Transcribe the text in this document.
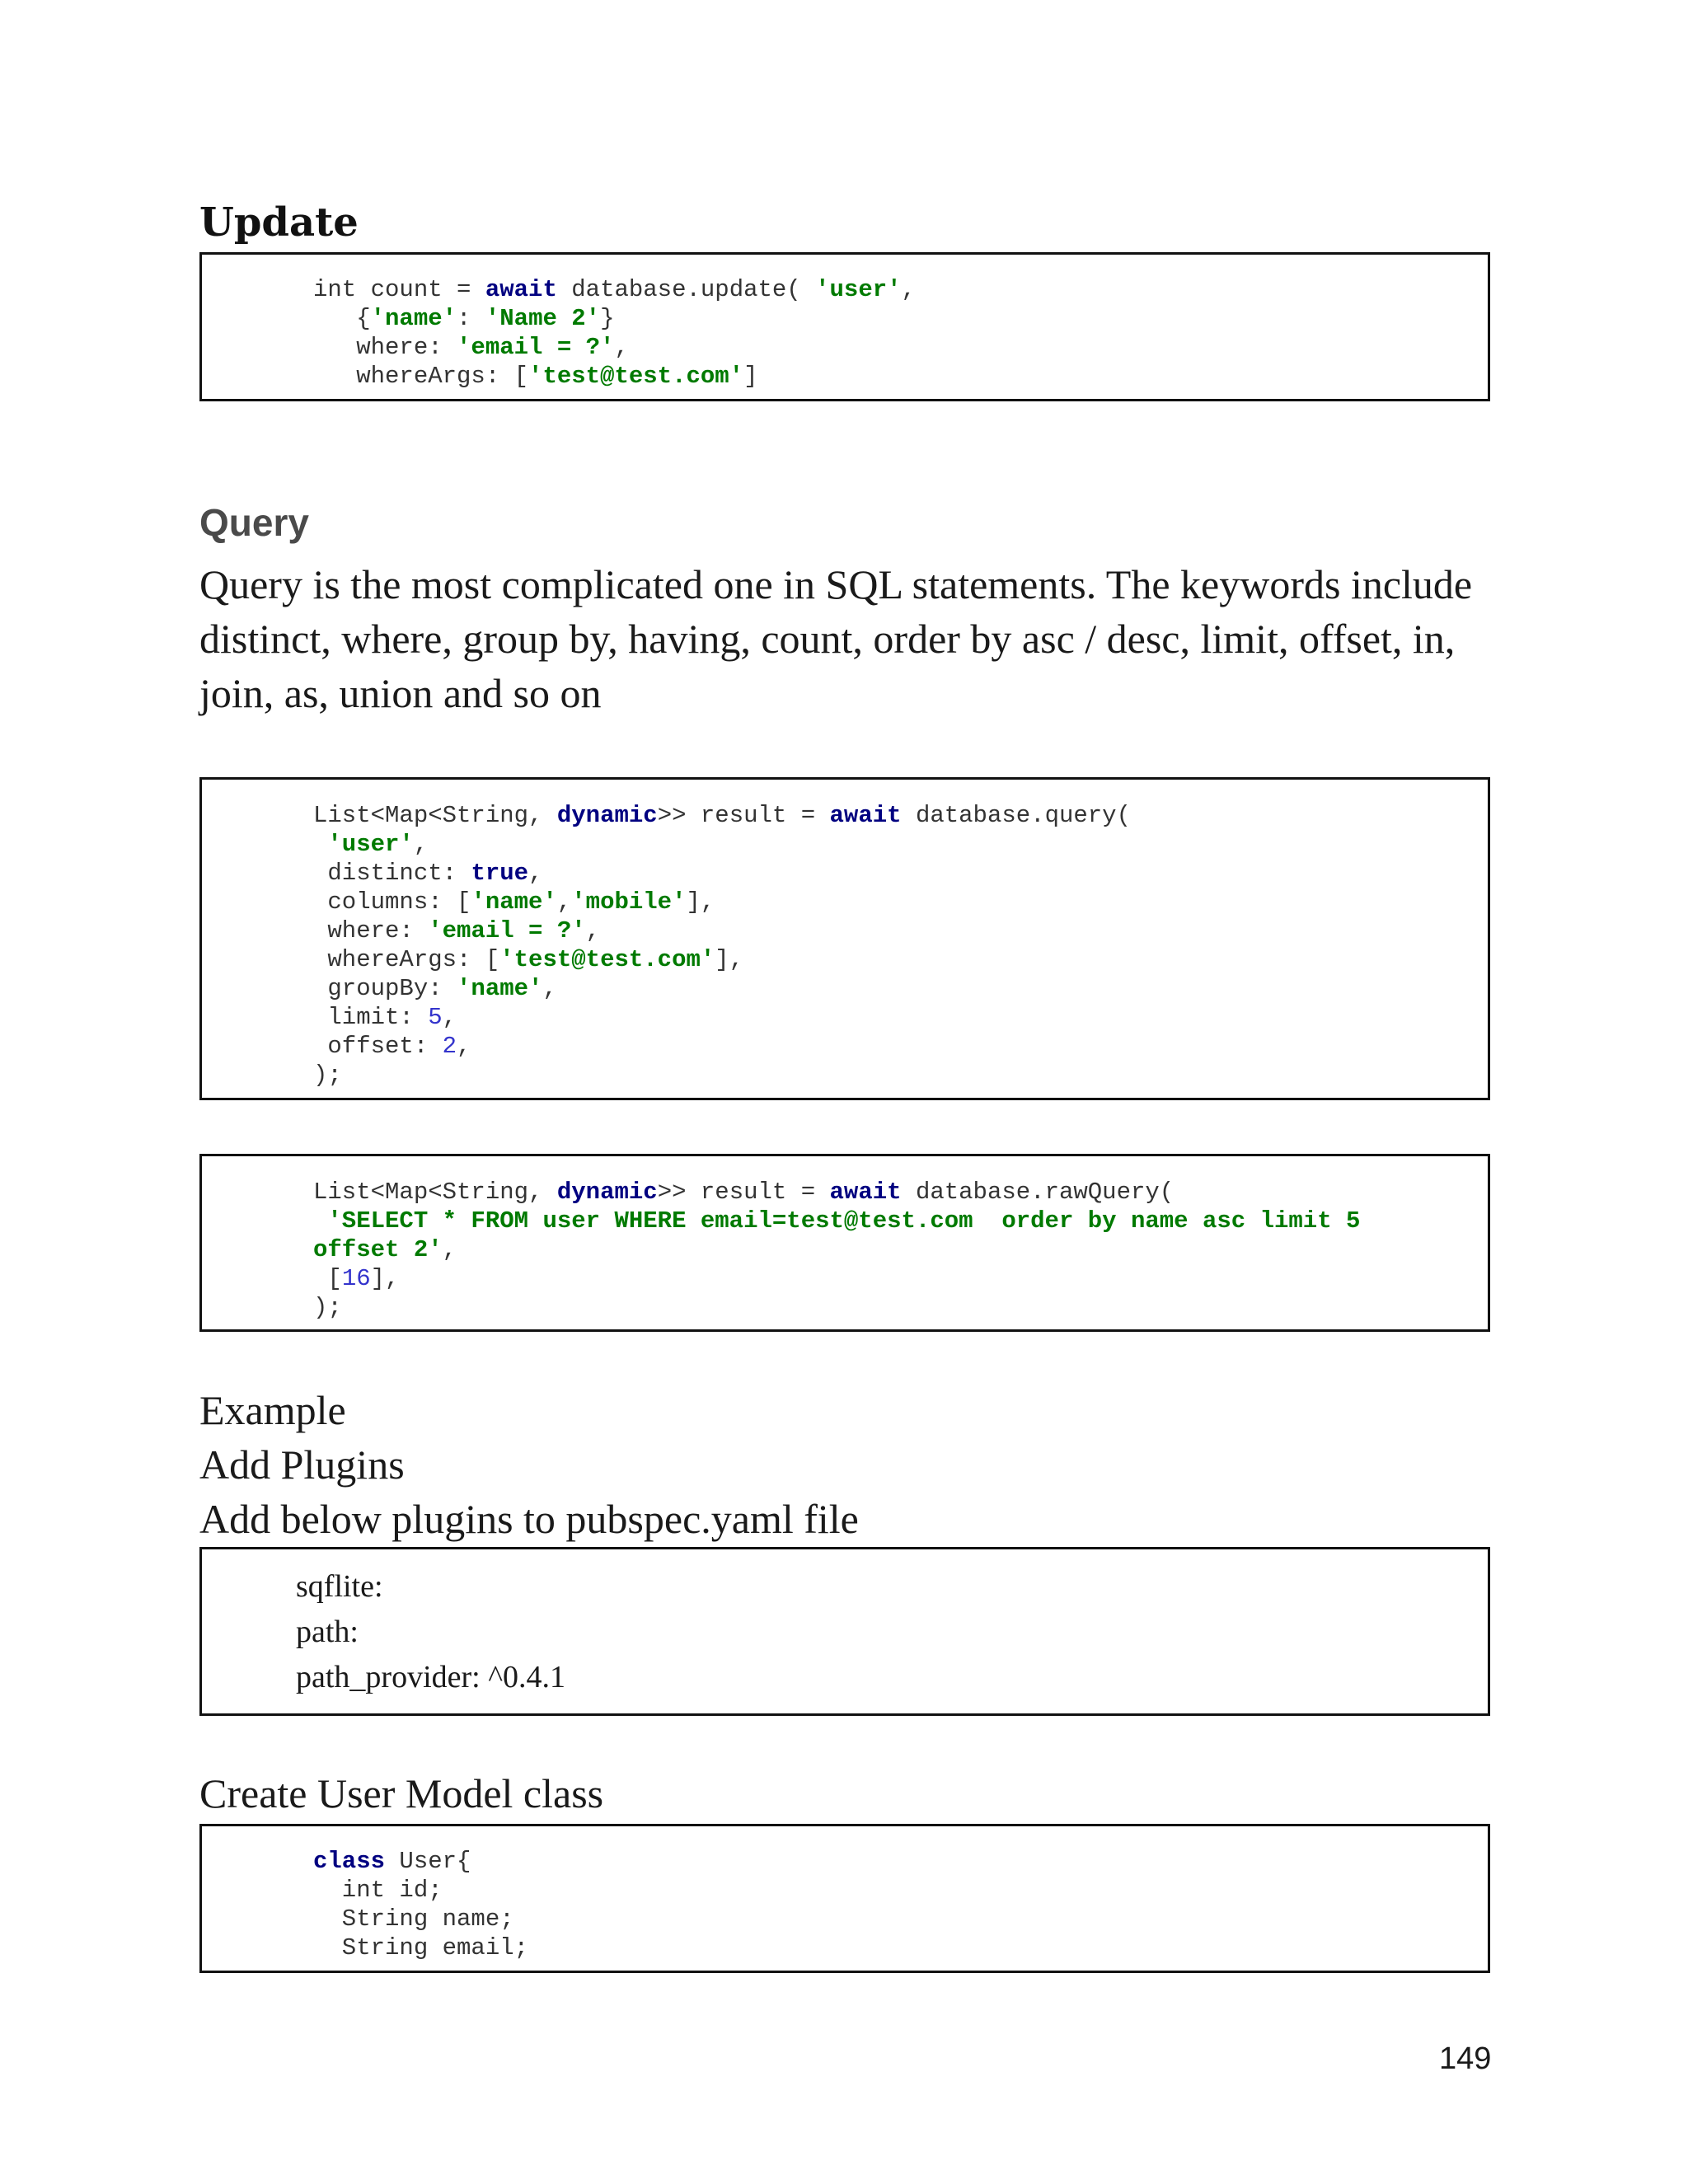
Update
int count = await database.update( 'user',
{'name': 'Name 2'}
where: 'email = ?',
whereArgs: ['test@test.com']
Query

Query is the most complicated one in SQL statements. The keywords include distinct, where, group by, having, count, order by asc / desc, limit, offset, in, join, as, union and so on

List<Map<String, dynamic>> result = await database.query(
'user',
distinct: true,
columns: ['name','mobile'],
where: 'email = ?',
whereArgs: ['test@test.com'],
groupBy: 'name',
limit: 5,
offset: 2,
);
List<Map<String, dynamic>> result = await database.rawQuery(
'SELECT * FROM user WHERE email=test@test.com  order by name asc limit 5
offset 2',
[16],
);
Example
Add Plugins
Add below plugins to pubspec.yaml file
sqflite:
path:
path_provider: ^0.4.1
Create User Model class
class User{
int id;
String name;
String email;
149
